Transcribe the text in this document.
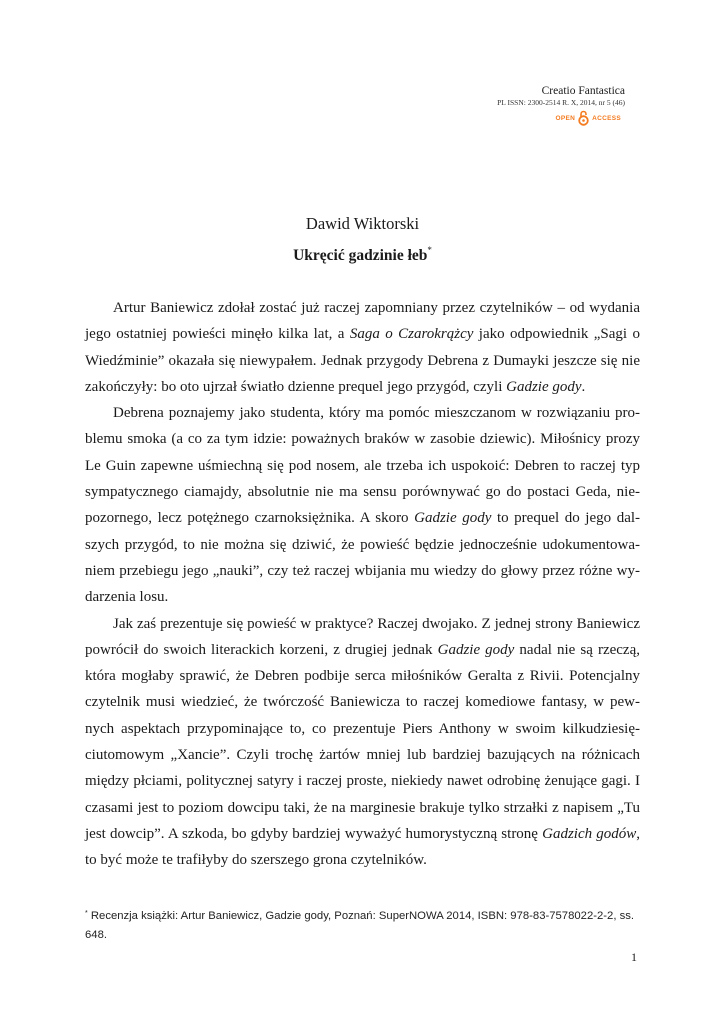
Creatio Fantastica
PL ISSN: 2300-2514 R. X, 2014, nr 5 (46)
OPEN	ACCESS
Dawid Wiktorski
Ukręcić gadzinie łeb*

Artur Baniewicz zdołał zostać już raczej zapomniany przez czytelników – od wydania jego ostatniej powieści minęło kilka lat, a Saga o Czarokrążcy jako odpowiednik „Sagi o Wiedźminie” okazała się niewypałem. Jednak przygody Debrena z Dumayki jeszcze się nie zakończyły: bo oto ujrzał światło dzienne prequel jego przygód, czyli Gadzie gody.

Debrena poznajemy jako studenta, który ma pomóc mieszczanom w rozwiązaniu problemu smoka (a co za tym idzie: poważnych braków w zasobie dziewic). Miłośnicy prozy Le Guin zapewne uśmiechną się pod nosem, ale trzeba ich uspokoić: Debren to raczej typ sympatycznego ciamajdy, absolutnie nie ma sensu porównywać go do postaci Geda, niepozornego, lecz potężnego czarnoksiężnika. A skoro Gadzie gody to prequel do jego dalszych przygód, to nie można się dziwić, że powieść będzie jednocześnie udokumentowaniem przebiegu jego „nauki”, czy też raczej wbijania mu wiedzy do głowy przez różne wydarzenia losu.

Jak zaś prezentuje się powieść w praktyce? Raczej dwojako. Z jednej strony Baniewicz powrócił do swoich literackich korzeni, z drugiej jednak Gadzie gody nadal nie są rzeczą, która mogłaby sprawić, że Debren podbije serca miłośników Geralta z Rivii. Potencjalny czytelnik musi wiedzieć, że twórczość Baniewicza to raczej komediowe fantasy, w pewnych aspektach przypominające to, co prezentuje Piers Anthony w swoim kilkudziesięciutomowym „Xancie”. Czyli trochę żartów mniej lub bardziej bazujących na różnicach między płciami, politycznej satyry i raczej proste, niekiedy nawet odrobinę żenujące gagi. I czasami jest to poziom dowcipu taki, że na marginesie brakuje tylko strzałki z napisem „Tu jest dowcip”. A szkoda, bo gdyby bardziej wyważyć humorystyczną stronę Gadzich godów, to być może te trafiłyby do szerszego grona czytelników.

* Recenzja książki: Artur Baniewicz, Gadzie gody, Poznań: SuperNOWA 2014, ISBN: 978-83-7578022-2-2, ss. 648.
1
